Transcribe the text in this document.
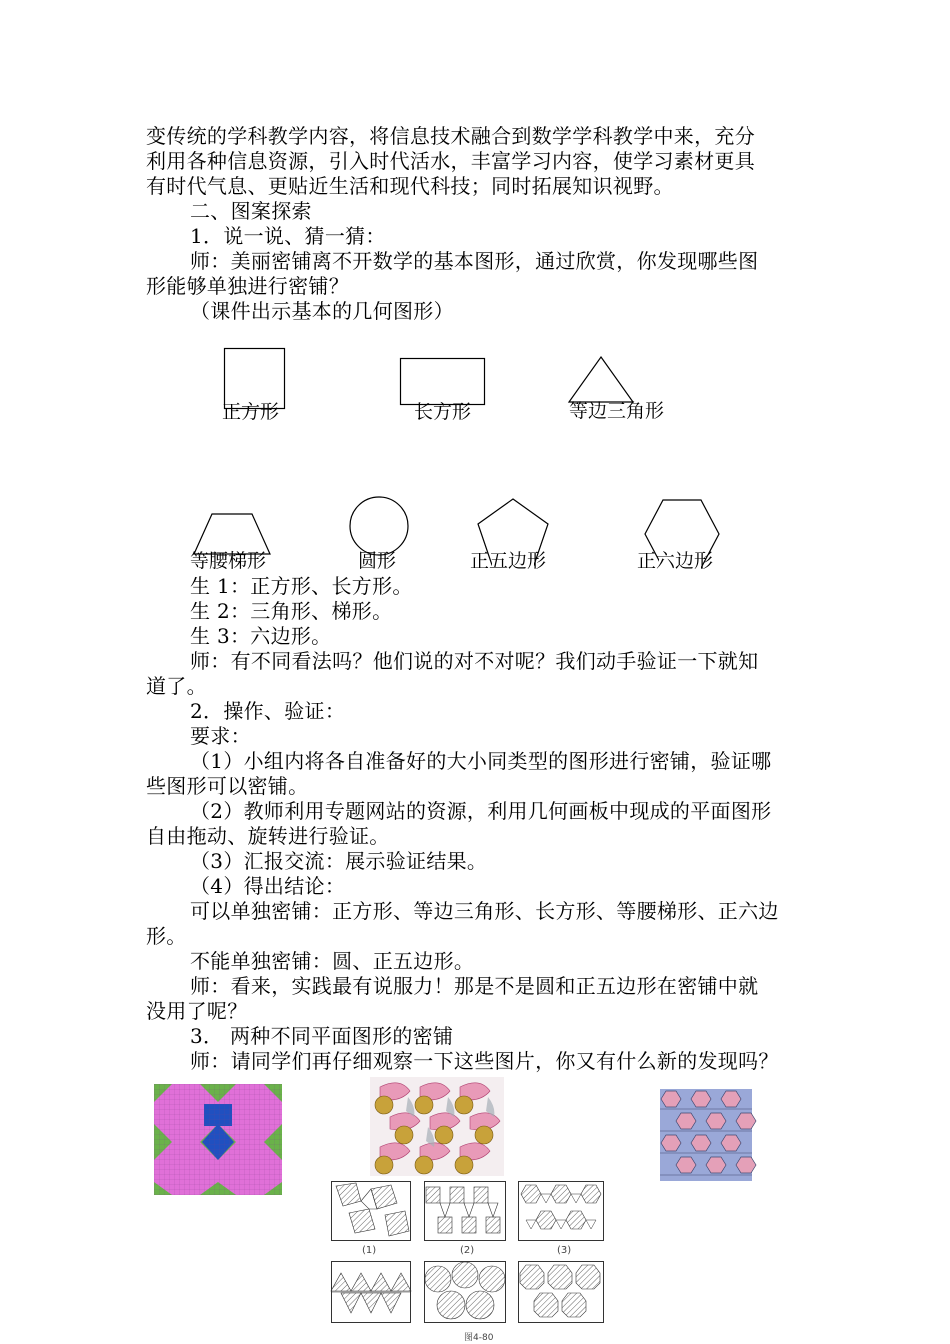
变传统的学科教学内容，将信息技术融合到数学学科教学中来，充分
利用各种信息资源，引入时代活水，丰富学习内容，使学习素材更具
有时代气息、更贴近生活和现代科技；同时拓展知识视野。
二、图案探索
1．说一说、猜一猜：
师：美丽密铺离不开数学的基本图形，通过欣赏，你发现哪些图
形能够单独进行密铺？
（课件出示基本的几何图形）
正方形	长方形	等边三角形
等腰梯形	圆形	正五边形	正六边形
生 1：正方形、长方形。
生 2：三角形、梯形。
生 3：六边形。
师：有不同看法吗？他们说的对不对呢？我们动手验证一下就知
道了。
2．操作、验证：
要求：
（1）小组内将各自准备好的大小同类型的图形进行密铺，验证哪
些图形可以密铺。
（2）教师利用专题网站的资源，利用几何画板中现成的平面图形
自由拖动、旋转进行验证。
（3）汇报交流：展示验证结果。
（4）得出结论：
可以单独密铺：正方形、等边三角形、长方形、等腰梯形、正六边
形。
不能单独密铺：圆、正五边形。
师：看来，实践最有说服力！那是不是圆和正五边形在密铺中就
没用了呢？
3． 两种不同平面图形的密铺
师：请同学们再仔细观察一下这些图片，你又有什么新的发现吗？
(1)	(2)	(3)
图4-80
